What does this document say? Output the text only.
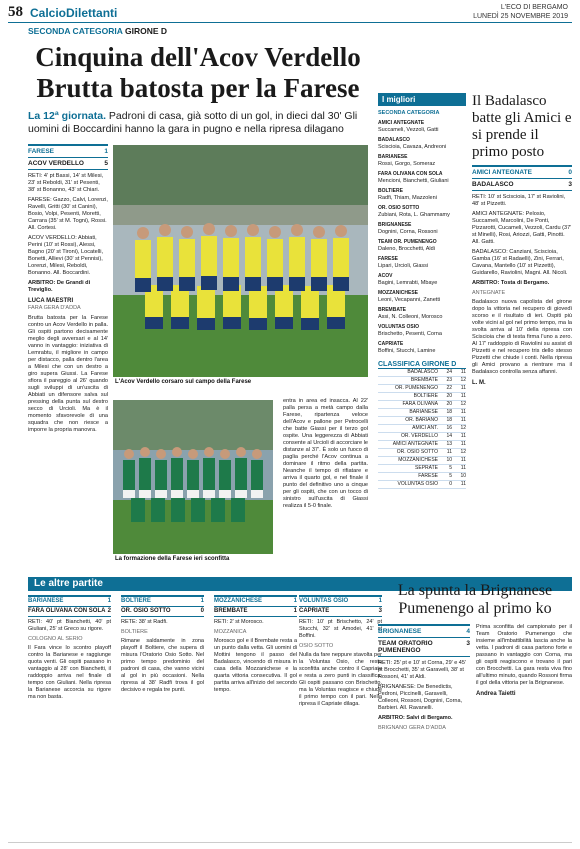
58 CalcioDilettanti	L'ECO DI BERGAMO
LUNEDÌ 25 NOVEMBRE 2019
SECONDA CATEGORIA GIRONE D
Cinquina dell'Acov Verdello
Brutta batosta per la Farese
La 12ª giornata. Padroni di casa, già sotto di un gol, in dieci dal 30' Gli uomini di Boccardini hanno la gara in pugno e nella ripresa dilagano
FARESE	1
ACOV VERDELLO	5

RETI: 4' pt Bassi, 14' st Milesi, 23' st Reboldi, 31' st Pesenti, 38' st Bonanno, 43' st Chiari.

FARESE: Gazzo, Calvi, Lorenzi, Ravelli, Gritti (30' st Canini), Bosio, Volpi, Pesenti, Moretti, Carrara (35' st M. Togni), Rossi. All. Cortesi.

ACOV VERDELLO: Abbiati, Perini (10' st Rossi), Alessi, Bagno (20' st Tironi), Locatelli, Bonetti, Allievi (30' st Pennisi), Lorenzi, Milesi, Reboldi, Bonanno. All. Boccardini.

ARBITRO: De Grandi di Treviglio.

LUCA MAESTRI
FARA GERA D'ADDA

Brutta batosta per la Farese contro un Acov Verdello in palla. Gli ospiti partono decisamente meglio degli avversari e al 14' vanno in vantaggio: iniziativa di Lemrabtu, il migliore in campo per distacco, palla dentro l'area a Milesi che con un destro a giro supera Giussi. La Farese sfiora il pareggio al 26' quando sugli sviluppi di un'uscita di Abbiati un difensore salva sul pressing della punta sul destro secco di Urcioli. Ma è il momento sfavorevole di una squadra che non riesce a imporre la propria manovra.

L'Acov Verdello corsaro sul campo della Farese
La formazione della Farese ieri sconfitta
entra in area ed insacca. Al 22' palla persa a metà campo dalla Farese, ripartenza veloce dell'Acov e pallone per Petrocelli che batte Giassi per il terzo gol ospite. Una leggerezza di Abbiati consente al Urcioli di accorciare le distanze al 37'. È solo un fuoco di paglia perché l'Acov continua a dominare il ritmo della partita. Neanche il tempo di rifiatare e arriva il quarto gol, e nel finale il punto del definitivo uno a cinque per gli ospiti, che con un tocco di sinistro sull'uscita di Giassi realizza il 5-0 finale.
I migliori
SECONDA CATEGORIA
AMICI ANTEGNATE
Succameli, Vezzoli, Gatti
BADALASCO
Sciscioia, Cavaza, Andreoni
BARIANESE
Rossi, Gorgo, Someraz
FARA OLIVANA CON SOLA
Mencioni, Bianchetti, Giuliani
BOLTIERE
Radfi, Thiam, Mazzoleni
OR. OSIO SOTTO
Zubiani, Rota, L. Ghammamy
BRIGNANESE
Dognini, Corna, Rossoni
TEAM OR. PUMENENGO
Daleno, Brocchetti, Aldi
FARESE
Lipari, Urcioli, Giassi
ACOV
Bagini, Lemrabti, Mbaye
MOZZANICHESE
Leoni, Vecapanni, Zanetti
BREMBATE
Assi, N. Colleoni, Morosco
VOLUNTAS OSIO
Brischetto, Pesenti, Corna
CAPRIATE
Boffini, Stucchi, Lamine
CLASSIFICA GIRONE D
BADALASCO	24	11
BREMBATE	23	12
OR. PUMENENGO	22	11
BOLTIERE	20	11
FARA OLIVANA	20	12
BARIANESE	18	11
OR. BARIANO	18	11
AMICI ANT.	16	12
OR. VERDELLO	14	11
AMICI ANTEGNATE	13	11
OR. OSIO SOTTO	11	12
MOZZANICHESE	10	11
SEPRATE	5	11
FARESE	5	10
VOLUNTAS OSIO	0	11
Il Badalasco batte gli Amici e si prende il primo posto
AMICI ANTEGNATE	0
BADALASCO	3

RETI: 10' st Sciscioia, 17' st Raviolini, 48' st Pizzetti.

AMICI ANTEGNATE: Pelosio, Succameli, Marcolini, De Ponti, Pizzarotti, Cucameli, Vezzoli, Cardu (37' st Minelli), Rosi, Ariozzi, Gatti, Pinotti. All. Gatti.

BADALASCO: Canziani, Sciscioia, Gamba (16' st Radaelli), Zini, Ferrari, Cavana, Mantello (10' st Pizzetti), Guidarello, Raviolini, Magni. All. Nicoli.

ARBITRO: Tosta di Bergamo.

ANTEGNATE

Badalasco nuova capolista del girone dopo la vittoria nel recupero di giovedì scorso e il risultato di ieri. Ospiti più volte vicini al gol nel primo tempo, ma la svolta arriva al 10' della ripresa con Sciscioia che di testa firma l'uno a zero. Al 17' raddoppio di Raviolini su assist di Pizzetti e nel recupero tris dello stesso Pizzetti che chiude i conti. Nella ripresa gli Amici provano a rientrare ma il Badalasco controlla senza affanni.

L. M.
Le altre partite
BARIANESE	1
FARA OLIVANA CON SOLA 2

RETI: 40' pt Bianchetti, 40' pt Giuliani, 25' st Greco su rigore.

COLOGNO AL SERIO

Il Fara vince lo scontro playoff contro la Barianese e raggiunge quota venti. Gli ospiti passano in vantaggio al 28' con Bianchetti, il raddoppio arriva nel finale di tempo con Giuliani. Nella ripresa la Barianese accorcia su rigore ma non basta.

BOLTIERE	1
OR. OSIO SOTTO	0

RETE: 38' st Radfi.

BOLTIERE

Rimane saldamente in zona playoff il Boltiere, che supera di misura l'Oratorio Osio Sotto. Nel primo tempo predominio del padroni di casa, che vanno vicini al gol in più occasioni. Nella ripresa al 38' Radfi trova il gol decisivo e regala tre punti.

MOZZANICHESE	1
BREMBATE	1

RETI: 2' st Morosco.

MOZZANICA

Morosco gol e il Brembate resta a un punto dalla vetta. Gli uomini di Mottini tengono il passo del Badalasco, vincendo di misura in casa della Mozzanichese e la quarta vittoria consecutiva. Il gol partita arriva all'inizio del secondo tempo.

VOLUNTAS OSIO	1
CAPRIATE	3

RETI: 10' pt Brischetto, 24' pt Stucchi, 32' st Amodei, 41' st Boffini.

OSIO SOTTO

Nulla da fare neppure stavolta per la Voluntas Osio, che resta sconfitta anche contro il Capriate e resta a zero punti in classifica. Gli ospiti passano con Brischetto, ma la Voluntas reagisce e chiude il primo tempo con il pari. Nella ripresa il Capriate dilaga.

La spunta la Brignanese Pumenengo al primo ko
BRIGNANESE	4
TEAM ORATORIO PUMENENGO
3

RETI: 25' pt e 10' st Corna, 29' e 45' pt Brocchetti, 35' st Garavelli, 38' st Rossoni, 41' st Aldi.

BRIGNANESE: De Benedictis, Pedroni, Piccinelli, Garavelli, Colleoni, Rossoni, Dognini, Corna, Barbieri. All. Ravanelli.

ARBITRO: Salvi di Bergamo.

BRIGNANO GERA D'ADDA

Prima sconfitta del campionato per il Team Oratorio Pumenengo che insieme all'imbattibilità lascia anche la vetta. I padroni di casa partono forte e passano in vantaggio con Corna, ma gli ospiti reagiscono e trovano il pari con Brocchetti. La gara resta viva fino all'ultimo minuto, quando Rossoni firma il gol della vittoria per la Brignanese.

Andrea Taietti
